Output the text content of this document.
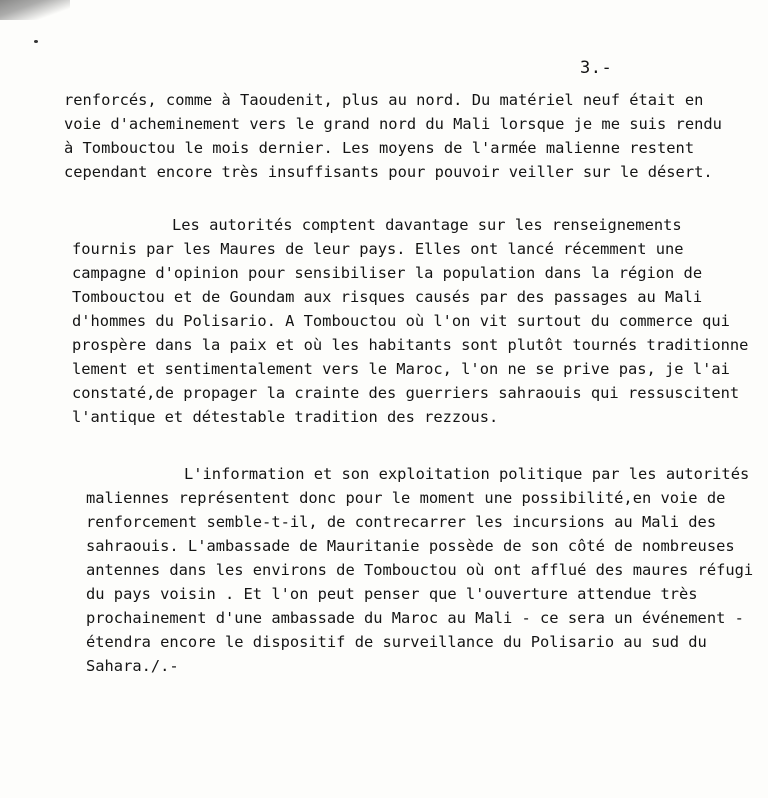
3.-
renforcés, comme à Taoudenit, plus au nord. Du matériel neuf était en
voie d'acheminement vers le grand nord du Mali lorsque je me suis rendu
à Tombouctou le mois dernier. Les moyens de l'armée malienne restent
cependant encore très insuffisants pour pouvoir veiller sur le désert.
Les autorités comptent davantage sur les renseignements
fournis par les Maures de leur pays. Elles ont lancé récemment une
campagne d'opinion pour sensibiliser la population dans la région de
Tombouctou et de Goundam aux risques causés par des passages au Mali
d'hommes du Polisario. A Tombouctou où l'on vit surtout du commerce qui
prospère dans la paix et où les habitants sont plutôt tournés traditionne
lement et sentimentalement vers le Maroc, l'on ne se prive pas, je l'ai
constaté,de propager la crainte des guerriers sahraouis qui ressuscitent
l'antique et détestable tradition des rezzous.
L'information et son exploitation politique par les autorités
maliennes représentent donc pour le moment une possibilité,en voie de
renforcement semble-t-il, de contrecarrer les incursions au Mali des
sahraouis. L'ambassade de Mauritanie possède de son côté de nombreuses
antennes dans les environs de Tombouctou où ont afflué des maures réfugi
du pays voisin . Et l'on peut penser que l'ouverture attendue très
prochainement d'une ambassade du Maroc au Mali - ce sera un événement -
étendra encore le dispositif de surveillance du Polisario au sud du
Sahara./.-
